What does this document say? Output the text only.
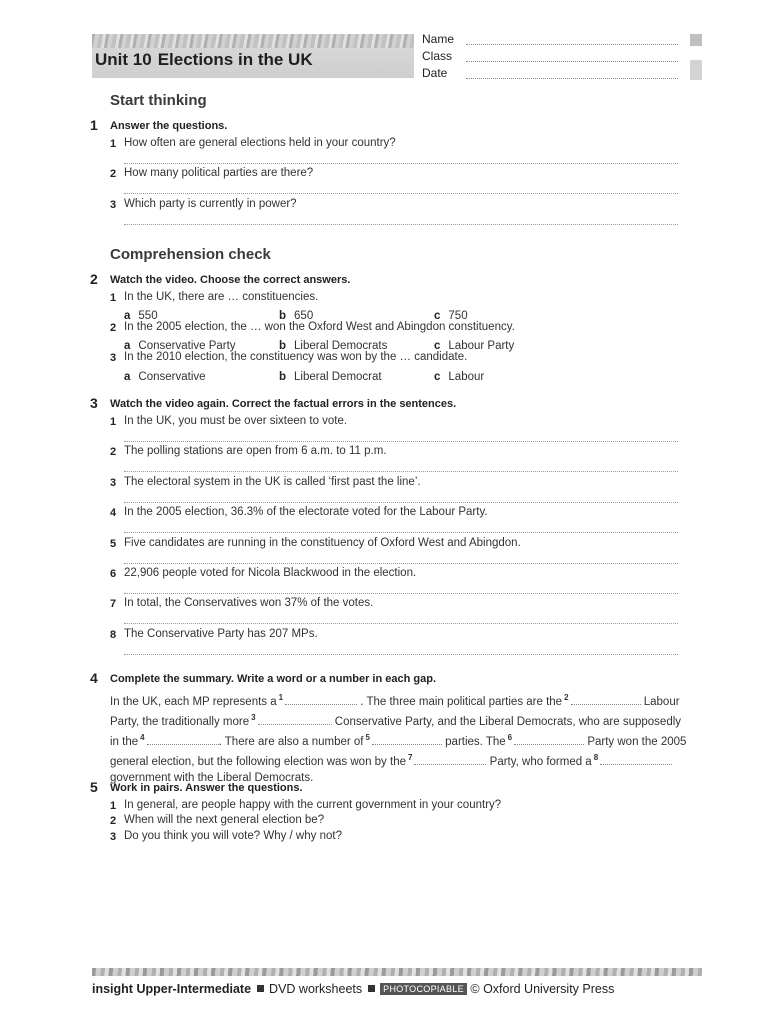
Unit 10 Elections in the UK
Name
Class
Date
Start thinking
1 Answer the questions.
1 How often are general elections held in your country?
2 How many political parties are there?
3 Which party is currently in power?
Comprehension check
2 Watch the video. Choose the correct answers.
1 In the UK, there are … constituencies.
a 550	b 650	c 750
2 In the 2005 election, the … won the Oxford West and Abingdon constituency.
a Conservative Party	b Liberal Democrats	c Labour Party
3 In the 2010 election, the constituency was won by the … candidate.
a Conservative	b Liberal Democrat	c Labour
3 Watch the video again. Correct the factual errors in the sentences.
1 In the UK, you must be over sixteen to vote.
2 The polling stations are open from 6 a.m. to 11 p.m.
3 The electoral system in the UK is called ‘first past the line’.
4 In the 2005 election, 36.3% of the electorate voted for the Labour Party.
5 Five candidates are running in the constituency of Oxford West and Abingdon.
6 22,906 people voted for Nicola Blackwood in the election.
7 In total, the Conservatives won 37% of the votes.
8 The Conservative Party has 207 MPs.
4 Complete the summary. Write a word or a number in each gap.
In the UK, each MP represents a $^1$	. The three main political parties are the $^2$	Labour Party, the traditionally more $^3$	Conservative Party, and the Liberal Democrats, who are supposedly in the $^4$	. There are also a number of $^5$	parties. The $^6$	Party won the 2005 general election, but the following election was won by the $^7$	Party, who formed a $^8$ government with the Liberal Democrats.
5 Work in pairs. Answer the questions.
1 In general, are people happy with the current government in your country?
2 When will the next general election be?
3 Do you think you will vote? Why / why not?
insight Upper-Intermediate DVD worksheets PHOTOCOPIABLE © Oxford University Press
